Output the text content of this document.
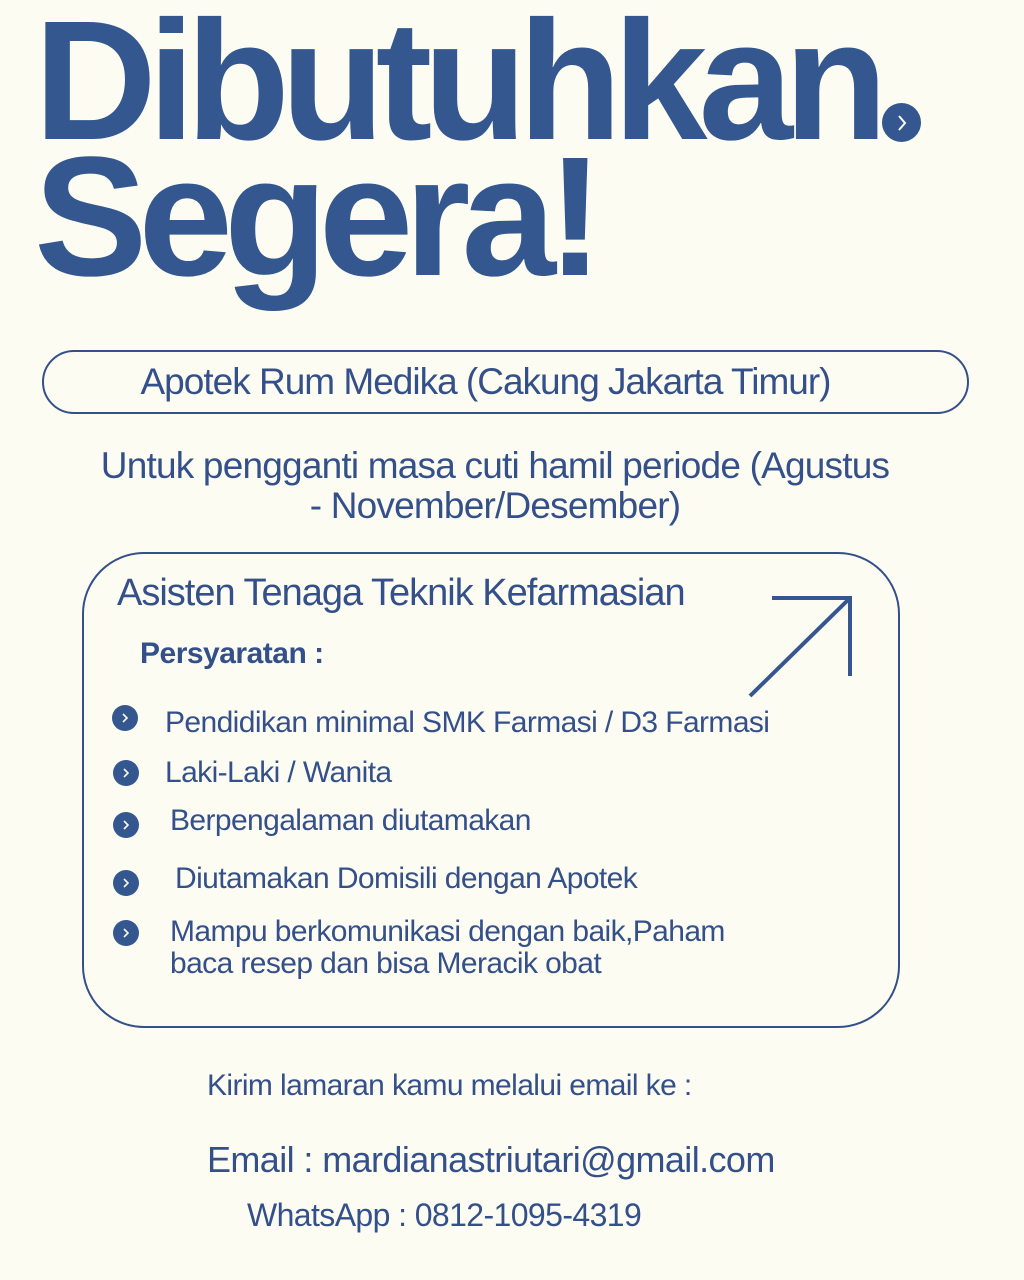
Dibutuhkan
Segera!
Apotek Rum Medika (Cakung Jakarta Timur)

Untuk pengganti masa cuti hamil periode (Agustus
- November/Desember)

Asisten Tenaga Teknik Kefarmasian

Persyaratan :

Pendidikan minimal SMK Farmasi / D3 Farmasi

Laki-Laki / Wanita

Berpengalaman diutamakan

Diutamakan Domisili dengan Apotek

Mampu berkomunikasi dengan baik,Paham

baca resep dan bisa Meracik obat

Kirim lamaran kamu melalui email ke :

Email : mardianastriutari@gmail.com

WhatsApp : 0812-1095-4319
